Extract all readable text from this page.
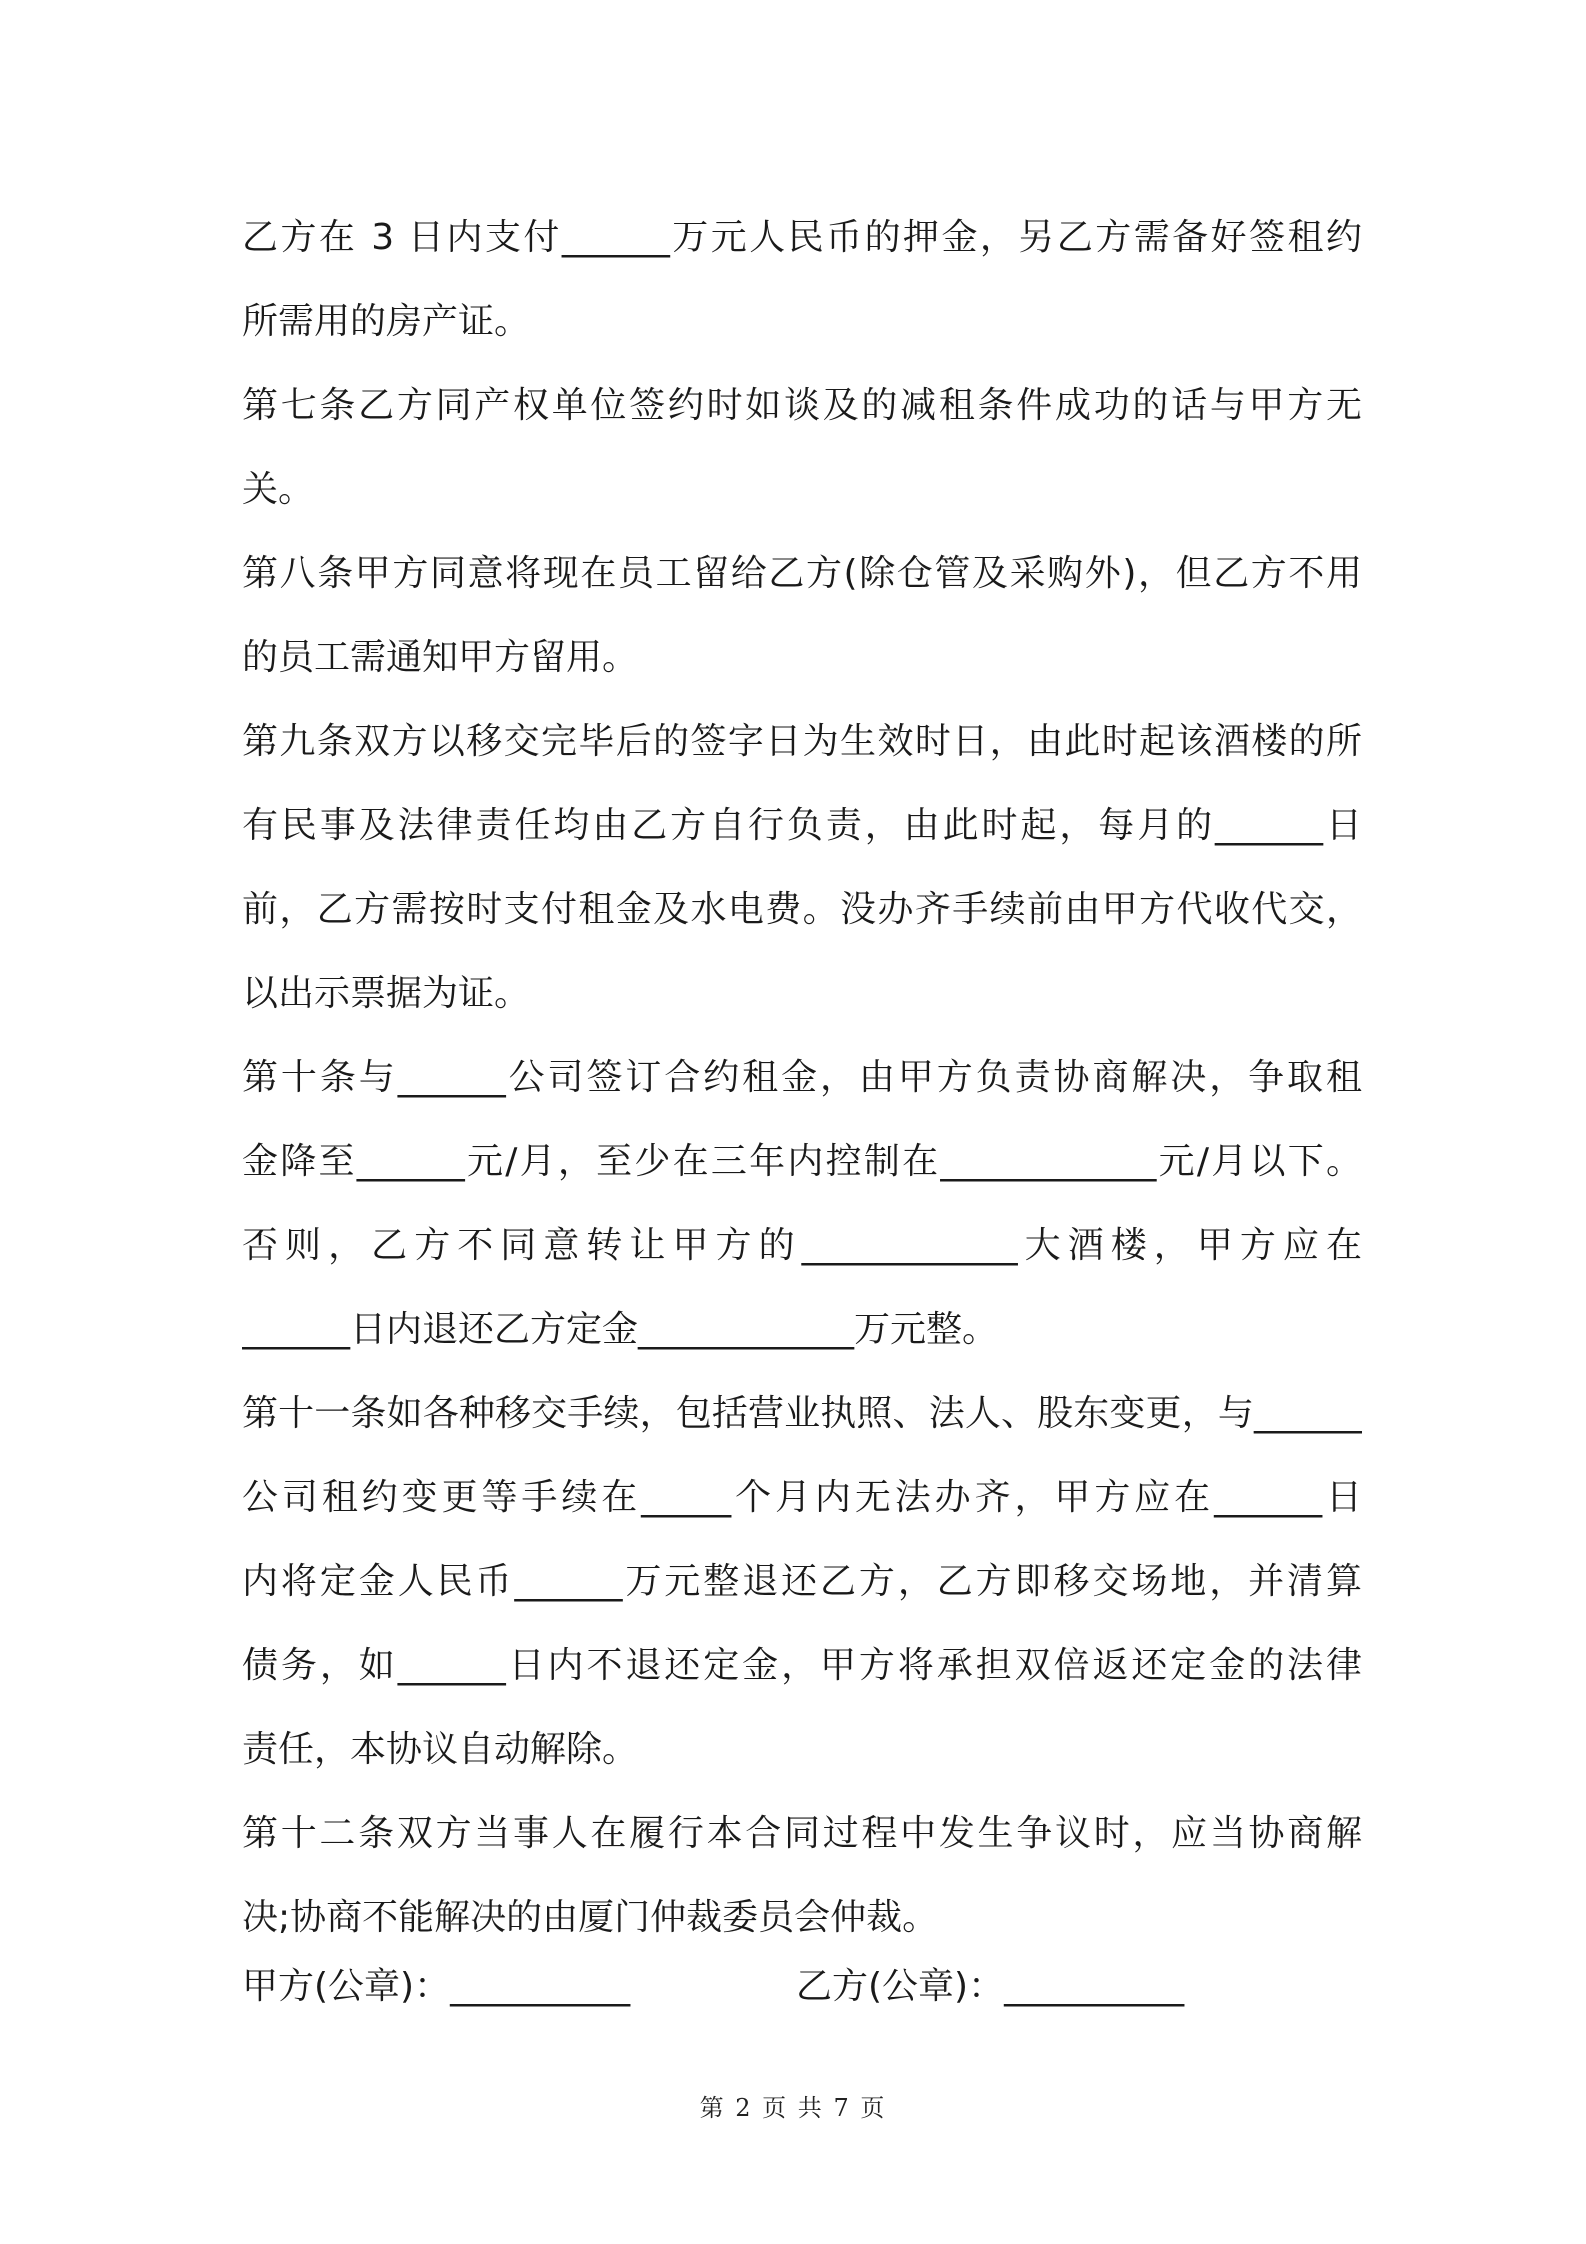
乙方在 3 日内支付______万元人民币的押金，另乙方需备好签租约
所需用的房产证。
第七条乙方同产权单位签约时如谈及的减租条件成功的话与甲方无
关。
第八条甲方同意将现在员工留给乙方(除仓管及采购外)，但乙方不用
的员工需通知甲方留用。
第九条双方以移交完毕后的签字日为生效时日，由此时起该酒楼的所
有民事及法律责任均由乙方自行负责，由此时起，每月的______日
前，乙方需按时支付租金及水电费。没办齐手续前由甲方代收代交，
以出示票据为证。
第十条与______公司签订合约租金，由甲方负责协商解决，争取租
金降至______元/月，至少在三年内控制在____________元/月以下。
否则，乙方不同意转让甲方的____________大酒楼，甲方应在
______日内退还乙方定金____________万元整。
第十一条如各种移交手续，包括营业执照、法人、股东变更，与______
公司租约变更等手续在_____个月内无法办齐，甲方应在______日
内将定金人民币______万元整退还乙方，乙方即移交场地，并清算
债务，如______日内不退还定金，甲方将承担双倍返还定金的法律
责任，本协议自动解除。
第十二条双方当事人在履行本合同过程中发生争议时，应当协商解
决;协商不能解决的由厦门仲裁委员会仲裁。
甲方(公章)：__________	乙方(公章)：__________
第 2 页 共 7 页
